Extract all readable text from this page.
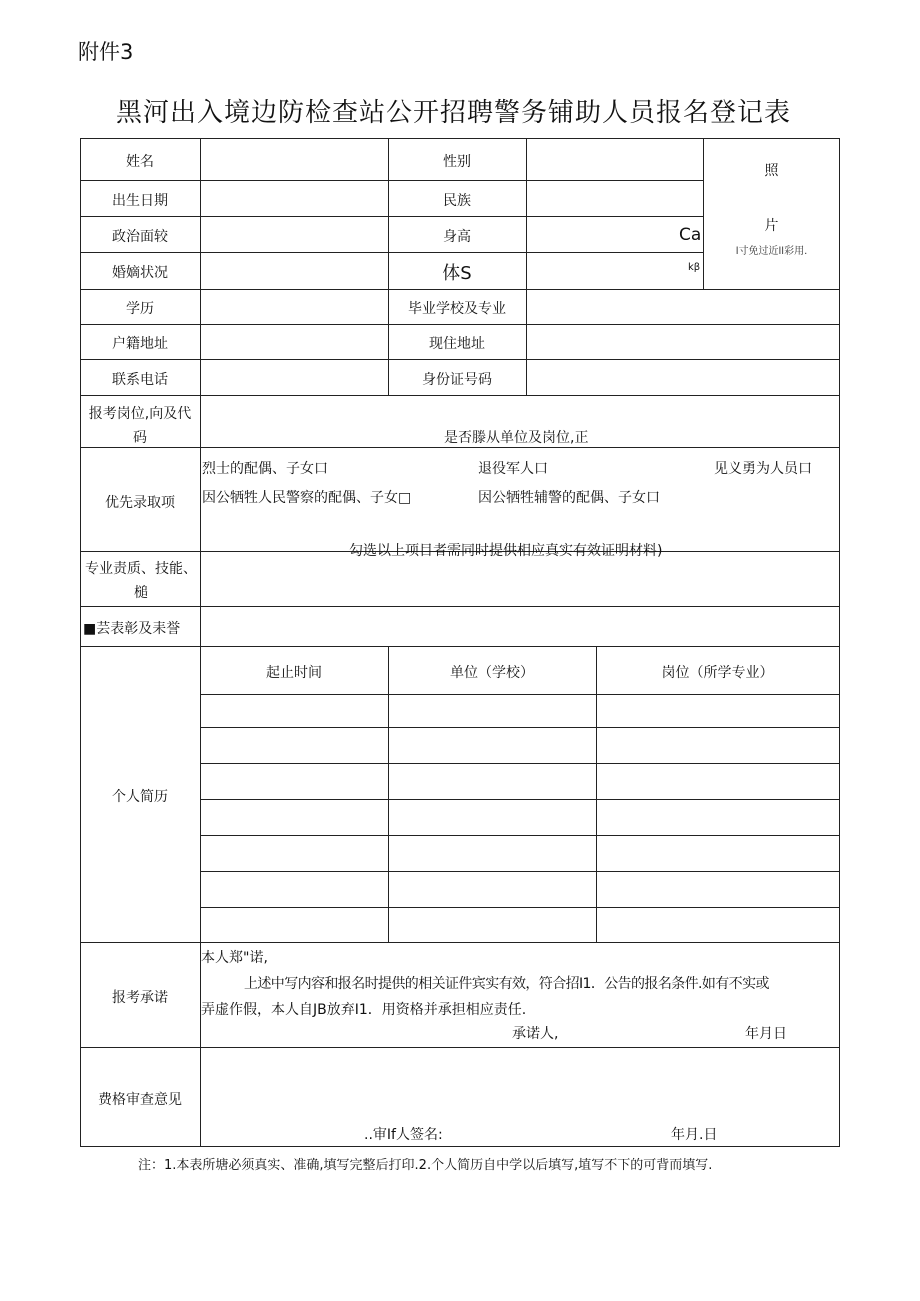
附件3
黑河出入境边防检查站公开招聘警务铺助人员报名登记表
姓名	性别
出生日期	民族
政治面较	身高	Ca
婚嫡状况	体S	kβ
照
片
l寸免过近ll彩用.
学历	毕业学校及专业
户籍地址	现住地址
联系电话	身份证号码
报考岗位,向及代码	是否滕从单位及岗位,正
优先录取项
烈士的配偶、子女口	退役军人口	见义勇为人员口
因公牺牲人民警察的配偶、子女□	因公牺牲辅警的配偶、子女口
勾选以上项目者需同时提供相应真实有效证明材料)
专业责质、技能、槌
■芸表彰及耒誉
个人简历
起止时间	单位（学校）	岗位（所学专业）
报考承诺
本人郑"诺,
上述中写内容和报名时提供的相关证件宾实有效，符合招I1．公告的报名条件.如有不实或
弄虚作假，本人自JB放弃I1．用资格并承担相应责任.
承诺人,	年月日
费格审查意见
..审If人签名:	年月.日
注：1.本表所塘必须真实、准确,填写完整后打印.2.个人简历自中学以后填写,埴写不下的可背而填写.
